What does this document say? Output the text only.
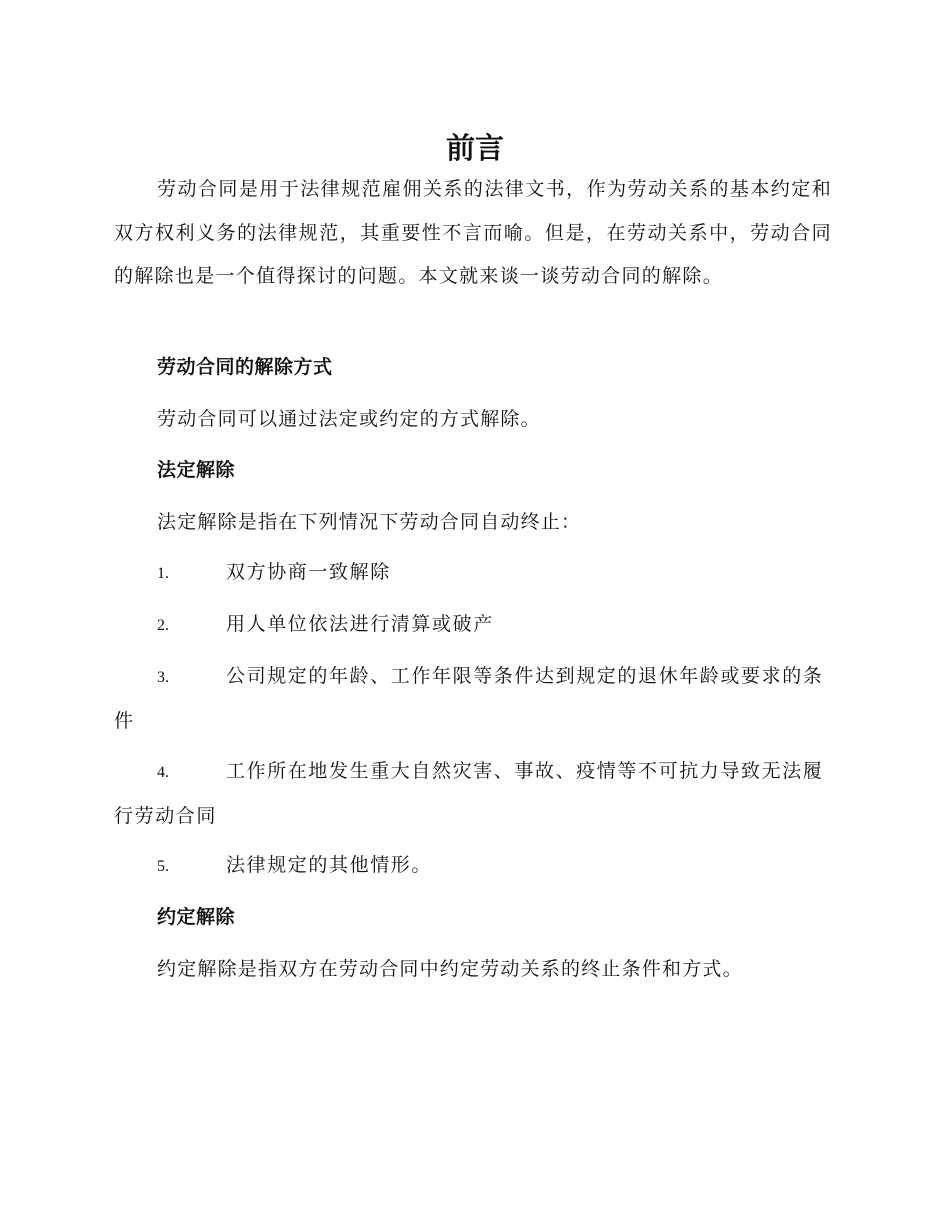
前言

劳动合同是用于法律规范雇佣关系的法律文书，作为劳动关系的基本约定和双方权利义务的法律规范，其重要性不言而喻。但是，在劳动关系中，劳动合同的解除也是一个值得探讨的问题。本文就来谈一谈劳动合同的解除。

劳动合同的解除方式

劳动合同可以通过法定或约定的方式解除。

法定解除

法定解除是指在下列情况下劳动合同自动终止：

1.	双方协商一致解除

2.	用人单位依法进行清算或破产

3.	公司规定的年龄、工作年限等条件达到规定的退休年龄或要求的条件

4.	工作所在地发生重大自然灾害、事故、疫情等不可抗力导致无法履行劳动合同

5.	法律规定的其他情形。

约定解除

约定解除是指双方在劳动合同中约定劳动关系的终止条件和方式。
